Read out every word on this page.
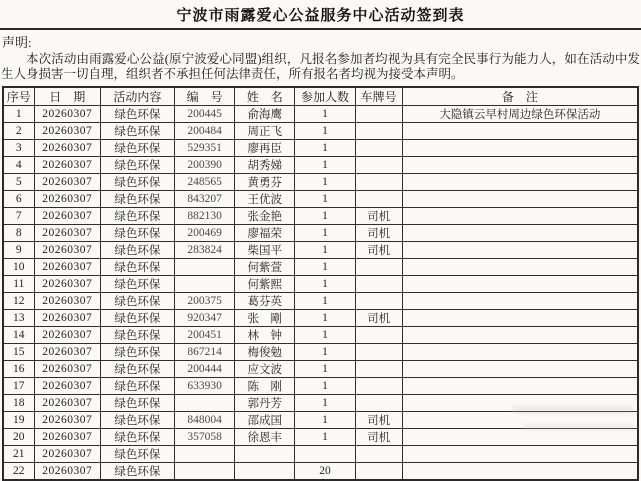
宁波市雨露爱心公益服务中心活动签到表
声明:
本次活动由雨露爱心公益(原宁波爱心同盟)组织，凡报名参加者均视为具有完全民事行为能力人，如在活动中发生人身损害一切自理，组织者不承担任何法律责任，所有报名者均视为接受本声明。
序号	日　期	活动内容	编　号	姓　名	参加人数	车牌号	备　注
1	20260307	绿色环保	200445	俞海鹰	1		大隐镇云早村周边绿色环保活动
2	20260307	绿色环保	200484	周正飞	1		
3	20260307	绿色环保	529351	廖再臣	1		
4	20260307	绿色环保	200390	胡秀娣	1		
5	20260307	绿色环保	248565	黄勇芬	1		
6	20260307	绿色环保	843207	王优波	1		
7	20260307	绿色环保	882130	张金艳	1	司机	
8	20260307	绿色环保	200469	廖福荣	1	司机	
9	20260307	绿色环保	283824	柴国平	1	司机	
10	20260307	绿色环保		何紫萱	1		
11	20260307	绿色环保		何紫熙	1		
12	20260307	绿色环保	200375	葛芬英	1		
13	20260307	绿色环保	920347	张　剛	1	司机	
14	20260307	绿色环保	200451	林　钟	1		
15	20260307	绿色环保	867214	梅俊勉	1		
16	20260307	绿色环保	200444	应文波	1		
17	20260307	绿色环保	633930	陈　刚	1		
18	20260307	绿色环保		郭丹芳	1		
19	20260307	绿色环保	848004	邵成国	1	司机	
20	20260307	绿色环保	357058	徐恩丰	1	司机	
21	20260307	绿色环保					
22	20260307	绿色环保			20		
